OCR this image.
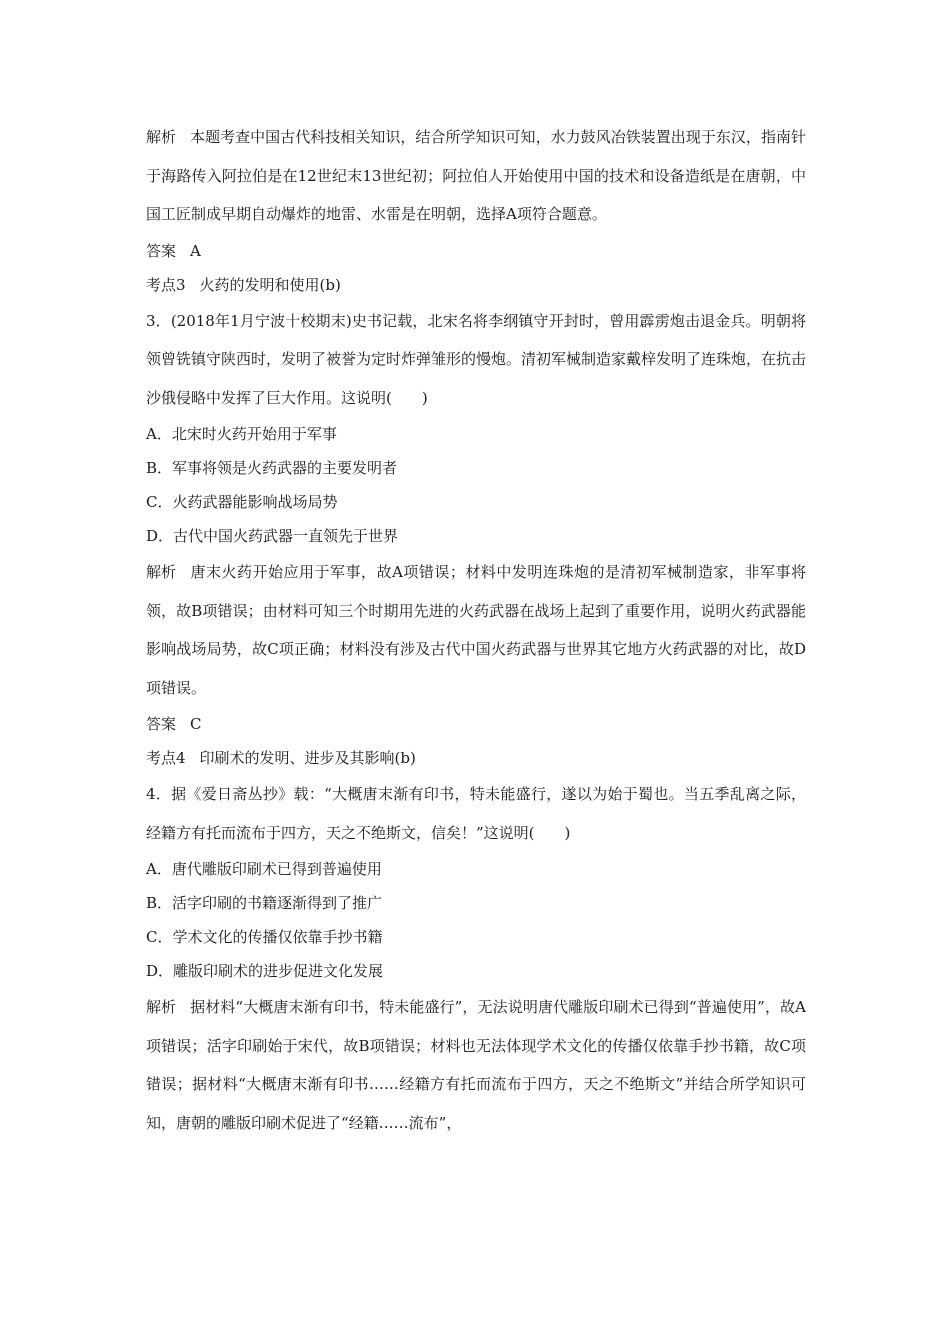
解析 本题考查中国古代科技相关知识，结合所学知识可知，水力鼓风冶铁装置出现于东汉，指南针于海路传入阿拉伯是在12世纪末13世纪初；阿拉伯人开始使用中国的技术和设备造纸是在唐朝，中国工匠制成早期自动爆炸的地雷、水雷是在明朝，选择A项符合题意。

答案 A

考点3 火药的发明和使用(b)

3．(2018年1月宁波十校期末)史书记载，北宋名将李纲镇守开封时，曾用霹雳炮击退金兵。明朝将领曾铣镇守陕西时，发明了被誉为定时炸弹雏形的慢炮。清初军械制造家戴梓发明了连珠炮，在抗击沙俄侵略中发挥了巨大作用。这说明(　　)

A．北宋时火药开始用于军事

B．军事将领是火药武器的主要发明者

C．火药武器能影响战场局势

D．古代中国火药武器一直领先于世界

解析 唐末火药开始应用于军事，故A项错误；材料中发明连珠炮的是清初军械制造家，非军事将领，故B项错误；由材料可知三个时期用先进的火药武器在战场上起到了重要作用，说明火药武器能影响战场局势，故C项正确；材料没有涉及古代中国火药武器与世界其它地方火药武器的对比，故D项错误。

答案 C

考点4 印刷术的发明、进步及其影响(b)

4．据《爱日斋丛抄》载：“大概唐末渐有印书，特未能盛行，遂以为始于蜀也。当五季乱离之际，经籍方有托而流布于四方，天之不绝斯文，信矣！”这说明(　　)

A．唐代雕版印刷术已得到普遍使用

B．活字印刷的书籍逐渐得到了推广

C．学术文化的传播仅依靠手抄书籍

D．雕版印刷术的进步促进文化发展

解析 据材料“大概唐末渐有印书，特未能盛行”，无法说明唐代雕版印刷术已得到“普遍使用”，故A项错误；活字印刷始于宋代，故B项错误；材料也无法体现学术文化的传播仅依靠手抄书籍，故C项错误；据材料“大概唐末渐有印书……经籍方有托而流布于四方，天之不绝斯文”并结合所学知识可知，唐朝的雕版印刷术促进了“经籍……流布”，
